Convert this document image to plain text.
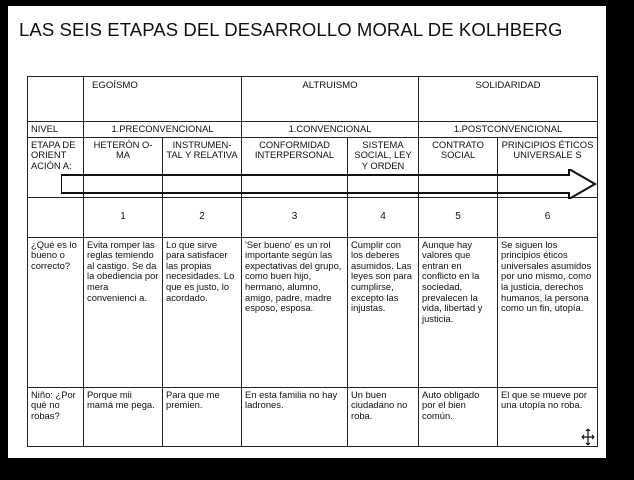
LAS SEIS ETAPAS DEL DESARROLLO MORAL DE KOLHBERG
	EGOÍSMO		ALTRUISMO		SOLIDARIDAD	
NIVEL	1.PRECONVENCIONAL		1.CONVENCIONAL		1.POSTCONVENCIONAL	
ETAPA DE ORIENT ACIÓN A:	HETERÓN O-MA	INSTRUMEN- TAL Y RELATIVA	CONFORMIDAD INTERPERSONAL	SISTEMA SOCIAL, LEY Y ORDEN	CONTRATO SOCIAL	PRINCIPIOS ÉTICOS UNIVERSALE S
	1	2	3	4	5	6
¿Qué es lo bueno o correcto?	Evita romper las reglas temiendo al castigo. Se da la obediencia por mera convenienci a.	Lo que sirve para satisfacer las propias necesidades. Lo que es justo, lo acordado.	'Ser bueno' es un rol importante según las expectativas del grupo, como buen hijo, hermano, alumno, amigo, padre, madre esposo, esposa.	Cumplir con los deberes asumidos. Las leyes son para cumplirse, excepto las injustas.	Aunque hay valores que entran en conflicto en la sociedad, prevalecen la vida, libertad y justicia.	Se siguen los principios éticos universales asumidos por uno mismo, como la justicia, derechos humanos, la persona como un fin, utopía.
Niño: ¿Por qué no robas?	Porque mii mamá me pega.	Para que me premien.	En esta familia no hay ladrones.	Un buen ciudadano no roba.	Auto obligado por el bien común.	El que se mueve por una utopía no roba.
